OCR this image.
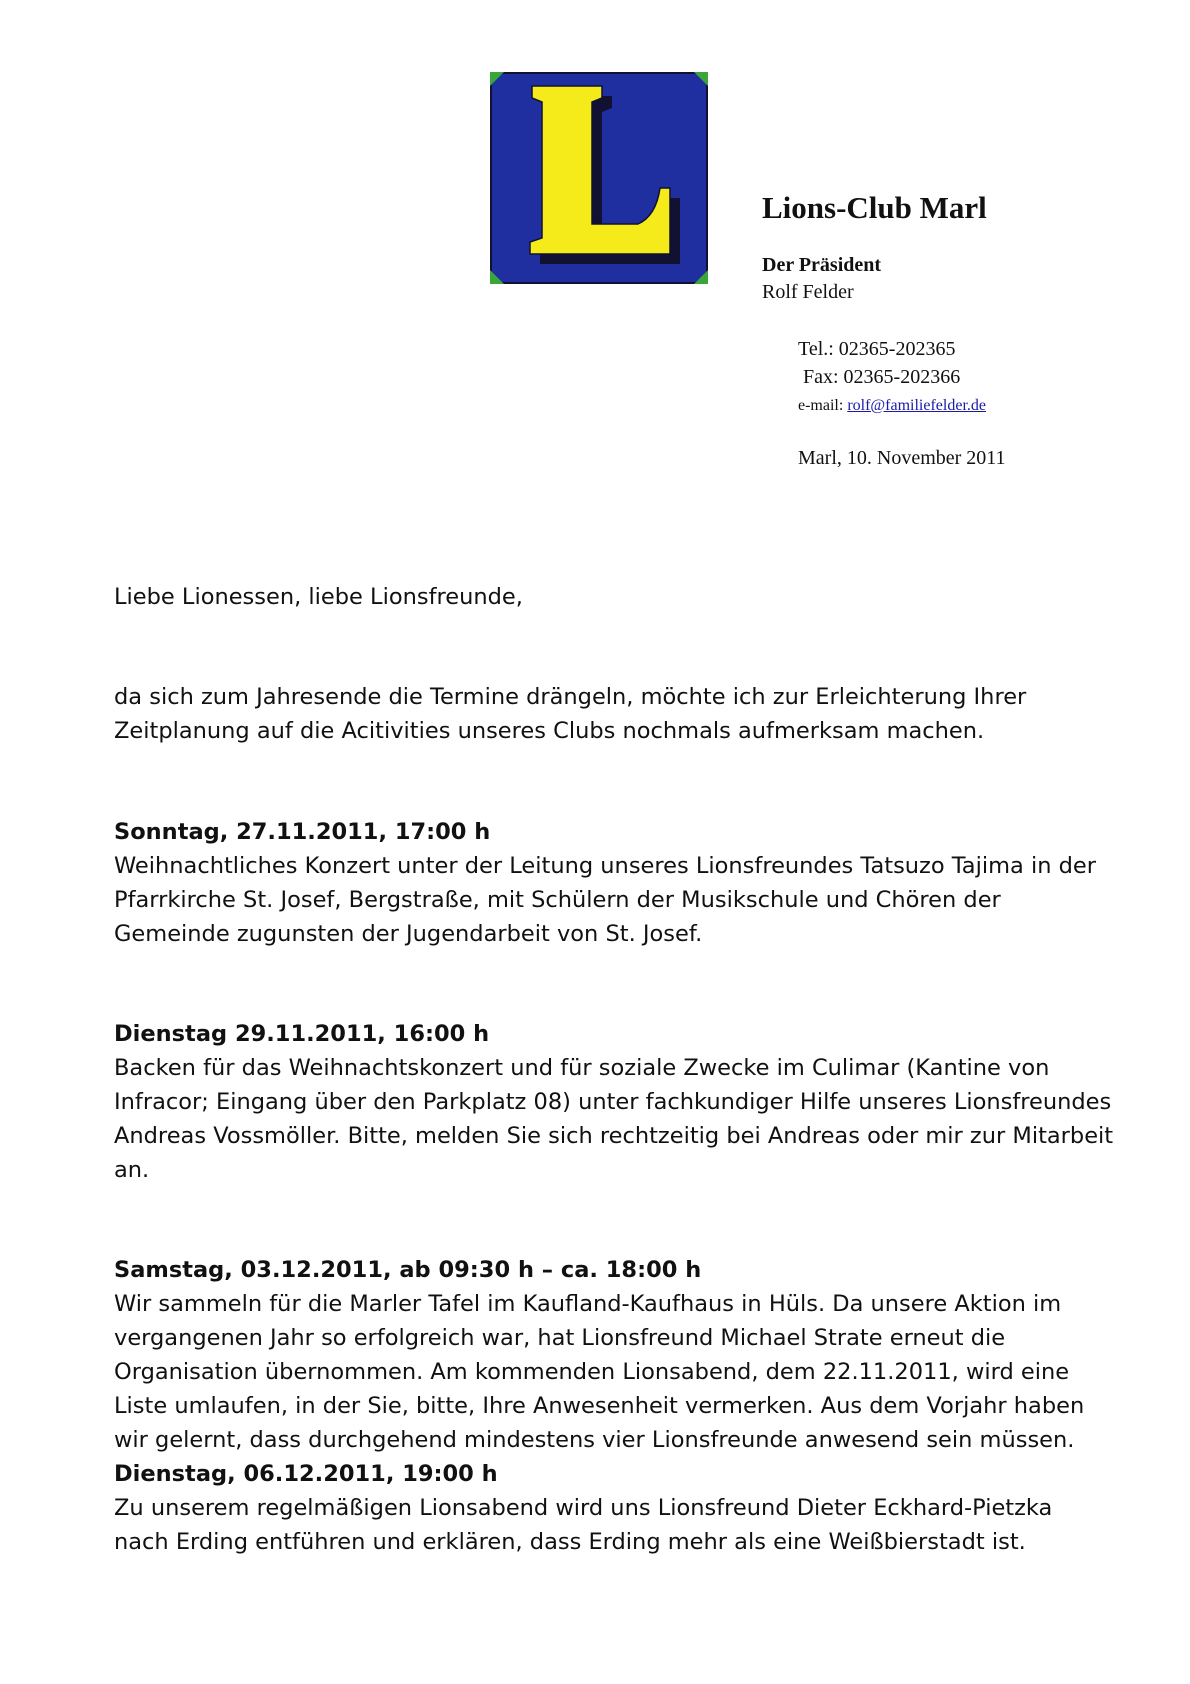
Lions-Club Marl
Der Präsident
Rolf Felder
Tel.: 02365-202365
Fax: 02365-202366
e-mail: rolf@familiefelder.de
Marl, 10. November 2011

Liebe Lionessen, liebe Lionsfreunde,

da sich zum Jahresende die Termine drängeln, möchte ich zur Erleichterung Ihrer Zeitplanung auf die Acitivities unseres Clubs nochmals aufmerksam machen.

Sonntag, 27.11.2011, 17:00 h

Weihnachtliches Konzert unter der Leitung unseres Lionsfreundes Tatsuzo Tajima in der Pfarrkirche St. Josef, Bergstraße, mit Schülern der Musikschule und Chören der Gemeinde zugunsten der Jugendarbeit von St. Josef.

Dienstag 29.11.2011, 16:00 h

Backen für das Weihnachtskonzert und für soziale Zwecke im Culimar (Kantine von Infracor; Eingang über den Parkplatz 08) unter fachkundiger Hilfe unseres Lionsfreundes Andreas Vossmöller. Bitte, melden Sie sich rechtzeitig bei Andreas oder mir zur Mitarbeit an.

Samstag, 03.12.2011, ab 09:30 h – ca. 18:00 h

Wir sammeln für die Marler Tafel im Kaufland-Kaufhaus in Hüls. Da unsere Aktion im vergangenen Jahr so erfolgreich war, hat Lionsfreund Michael Strate erneut die Organisation übernommen. Am kommenden Lionsabend, dem 22.11.2011, wird eine Liste umlaufen, in der Sie, bitte, Ihre Anwesenheit vermerken. Aus dem Vorjahr haben wir gelernt, dass durchgehend mindestens vier Lionsfreunde anwesend sein müssen.

Dienstag, 06.12.2011, 19:00 h

Zu unserem regelmäßigen Lionsabend wird uns Lionsfreund Dieter Eckhard-Pietzka nach Erding entführen und erklären, dass Erding mehr als eine Weißbierstadt ist.
